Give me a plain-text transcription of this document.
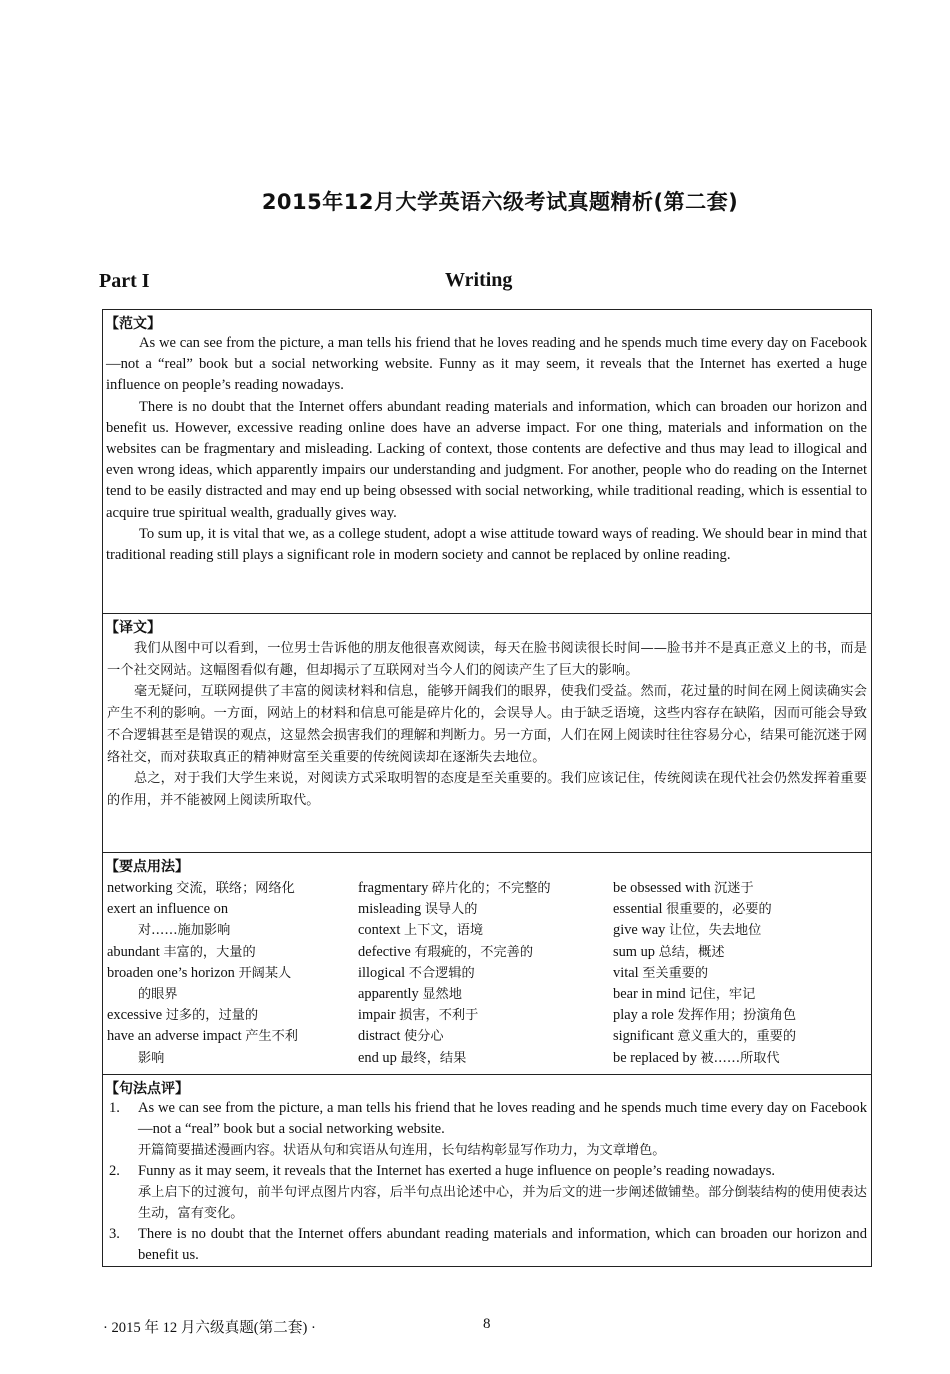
2015年12月大学英语六级考试真题精析(第二套)
Part I	Writing
【范文】

As we can see from the picture, a man tells his friend that he loves reading and he spends much time every day on Facebook—not a “real” book but a social networking website. Funny as it may seem, it reveals that the Internet has exerted a huge influence on people’s reading nowadays.

There is no doubt that the Internet offers abundant reading materials and information, which can broaden our horizon and benefit us. However, excessive reading online does have an adverse impact. For one thing, materials and information on the websites can be fragmentary and misleading. Lacking of context, those contents are defective and thus may lead to illogical and even wrong ideas, which apparently impairs our understanding and judgment. For another, people who do reading on the Internet tend to be easily distracted and may end up being obsessed with social networking, while traditional reading, which is essential to acquire true spiritual wealth, gradually gives way.

To sum up, it is vital that we, as a college student, adopt a wise attitude toward ways of reading. We should bear in mind that traditional reading still plays a significant role in modern society and cannot be replaced by online reading.

【译文】

我们从图中可以看到，一位男士告诉他的朋友他很喜欢阅读，每天在脸书阅读很长时间——脸书并不是真正意义上的书，而是一个社交网站。这幅图看似有趣，但却揭示了互联网对当今人们的阅读产生了巨大的影响。

毫无疑问，互联网提供了丰富的阅读材料和信息，能够开阔我们的眼界，使我们受益。然而，花过量的时间在网上阅读确实会产生不利的影响。一方面，网站上的材料和信息可能是碎片化的，会误导人。由于缺乏语境，这些内容存在缺陷，因而可能会导致不合逻辑甚至是错误的观点，这显然会损害我们的理解和判断力。另一方面，人们在网上阅读时往往容易分心，结果可能沉迷于网络社交，而对获取真正的精神财富至关重要的传统阅读却在逐渐失去地位。

总之，对于我们大学生来说，对阅读方式采取明智的态度是至关重要的。我们应该记住，传统阅读在现代社会仍然发挥着重要的作用，并不能被网上阅读所取代。

【要点用法】
networking 交流，联络；网络化
exert an influence on
对……施加影响
abundant 丰富的，大量的
broaden one’s horizon 开阔某人
的眼界
excessive 过多的，过量的
have an adverse impact 产生不利
影响
fragmentary 碎片化的；不完整的
misleading 误导人的
context 上下文，语境
defective 有瑕疵的，不完善的
illogical 不合逻辑的
apparently 显然地
impair 损害，不利于
distract 使分心
end up 最终，结果
be obsessed with 沉迷于
essential 很重要的，必要的
give way 让位，失去地位
sum up 总结，概述
vital 至关重要的
bear in mind 记住，牢记
play a role 发挥作用；扮演角色
significant 意义重大的，重要的
be replaced by 被……所取代
【句法点评】
1. As we can see from the picture, a man tells his friend that he loves reading and he spends much time every day on Facebook—not a “real” book but a social networking website.
开篇简要描述漫画内容。状语从句和宾语从句连用，长句结构彰显写作功力，为文章增色。
2. Funny as it may seem, it reveals that the Internet has exerted a huge influence on people’s reading nowadays.
承上启下的过渡句，前半句评点图片内容，后半句点出论述中心，并为后文的进一步阐述做铺垫。部分倒装结构的使用使表达生动，富有变化。
3. There is no doubt that the Internet offers abundant reading materials and information, which can broaden our horizon and benefit us.
· 2015 年 12 月六级真题(第二套) ·	8
